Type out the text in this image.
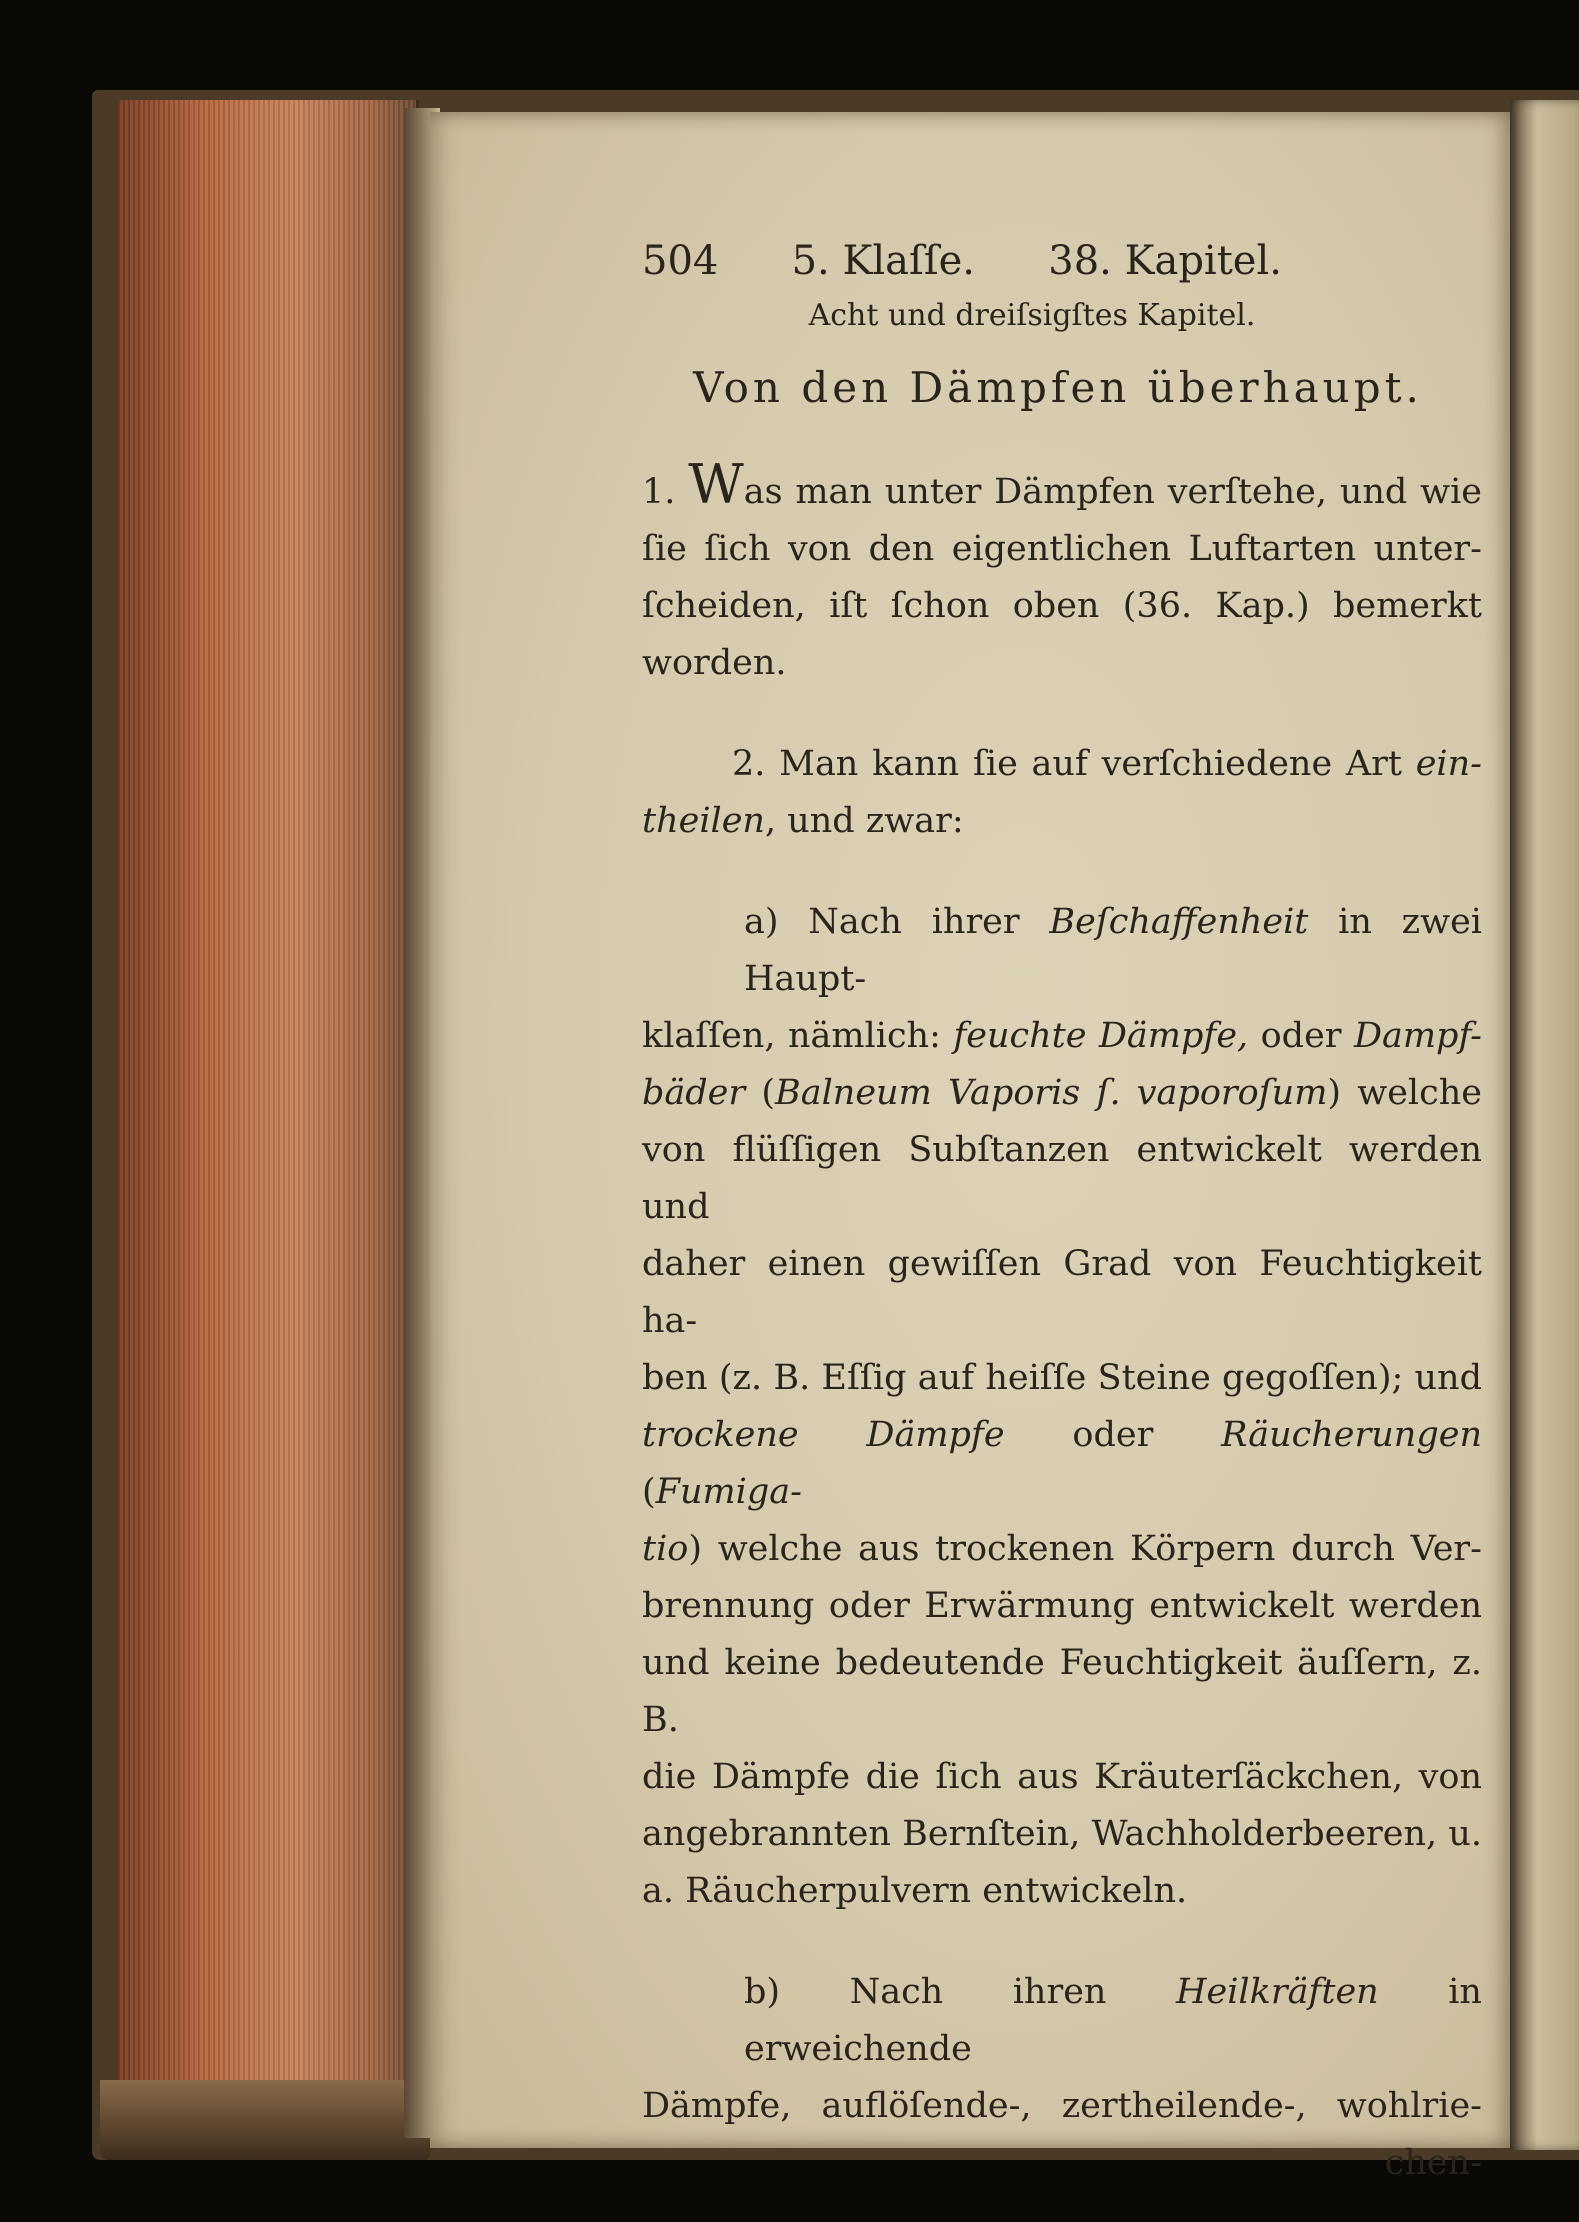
504 5. Klaſſe. 38. Kapitel.
Acht und dreiſsigſtes Kapitel.
Von den Dämpfen überhaupt.
1. Was man unter Dämpfen verſtehe, und wie
ſie ſich von den eigentlichen Luftarten unter-
ſcheiden, iſt ſchon oben (36. Kap.) bemerkt
worden.
2. Man kann ſie auf verſchiedene Art ein-
theilen, und zwar:
a) Nach ihrer Beſchaffenheit in zwei Haupt-
klaſſen, nämlich: feuchte Dämpfe, oder Dampf-
bäder (Balneum Vaporis ſ. vaporoſum) welche
von flüſſigen Subſtanzen entwickelt werden und
daher einen gewiſſen Grad von Feuchtigkeit ha-
ben (z. B. Eſſig auf heiſſe Steine gegoſſen); und
trockene Dämpfe oder Räucherungen (Fumiga-
tio) welche aus trockenen Körpern durch Ver-
brennung oder Erwärmung entwickelt werden
und keine bedeutende Feuchtigkeit äuſſern, z. B.
die Dämpfe die ſich aus Kräuterſäckchen, von
angebrannten Bernſtein, Wachholderbeeren, u.
a. Räucherpulvern entwickeln.
b) Nach ihren Heilkräften in erweichende
Dämpfe, auflöſende-, zertheilende-, wohlrie-
chen-
